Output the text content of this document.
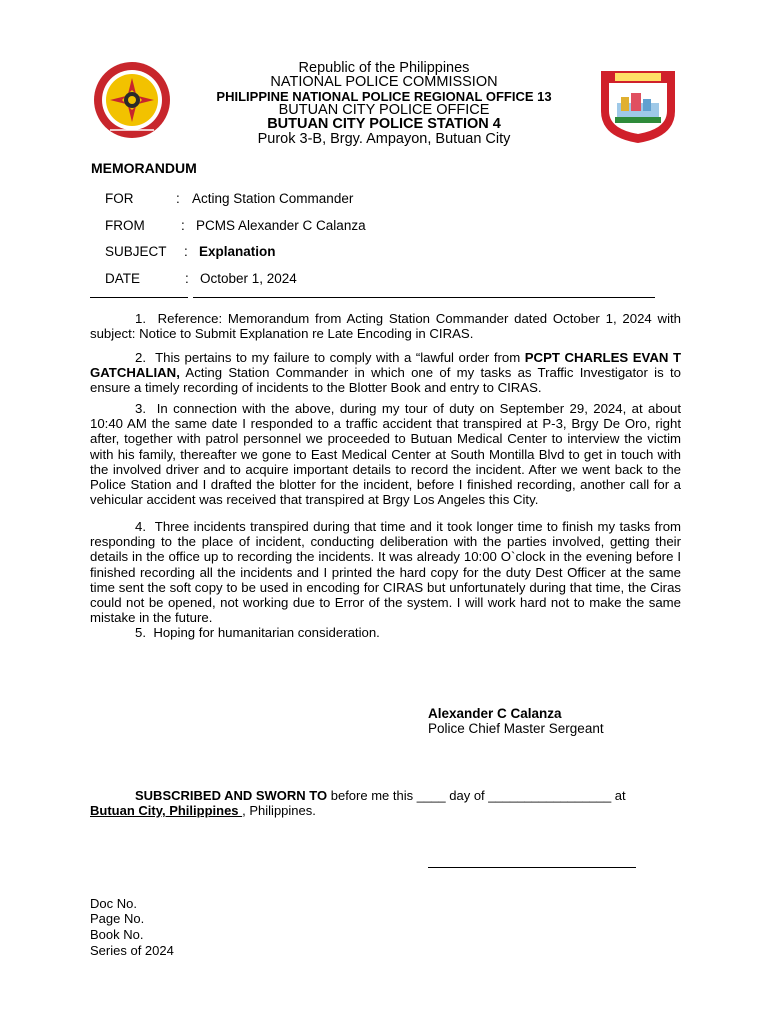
Republic of the Philippines
NATIONAL POLICE COMMISSION
PHILIPPINE NATIONAL POLICE REGIONAL OFFICE 13
BUTUAN CITY POLICE OFFICE
BUTUAN CITY POLICE STATION 4
Purok 3-B, Brgy. Ampayon, Butuan City
MEMORANDUM
FOR	: Acting Station Commander
FROM	: PCMS Alexander C Calanza
SUBJECT : Explanation
DATE	: October 1, 2024
1. Reference: Memorandum from Acting Station Commander dated October 1, 2024 with subject: Notice to Submit Explanation re Late Encoding in CIRAS.
2. This pertains to my failure to comply with a “lawful order from PCPT CHARLES EVAN T GATCHALIAN, Acting Station Commander in which one of my tasks as Traffic Investigator is to ensure a timely recording of incidents to the Blotter Book and entry to CIRAS.
3. In connection with the above, during my tour of duty on September 29, 2024, at about 10:40 AM the same date I responded to a traffic accident that transpired at P-3, Brgy De Oro, right after, together with patrol personnel we proceeded to Butuan Medical Center to interview the victim with his family, thereafter we gone to East Medical Center at South Montilla Blvd to get in touch with the involved driver and to acquire important details to record the incident. After we went back to the Police Station and I drafted the blotter for the incident, before I finished recording, another call for a vehicular accident was received that transpired at Brgy Los Angeles this City.
4. Three incidents transpired during that time and it took longer time to finish my tasks from responding to the place of incident, conducting deliberation with the parties involved, getting their details in the office up to recording the incidents. It was already 10:00 O`clock in the evening before I finished recording all the incidents and I printed the hard copy for the duty Dest Officer at the same time sent the soft copy to be used in encoding for CIRAS but unfortunately during that time, the Ciras could not be opened, not working due to Error of the system. I will work hard not to make the same mistake in the future.
5. Hoping for humanitarian consideration.
Alexander C Calanza
Police Chief Master Sergeant
SUBSCRIBED AND SWORN TO before me this ____ day of _________________ at
Butuan City, Philippines , Philippines.
Doc No.
Page No.
Book No.
Series of 2024
